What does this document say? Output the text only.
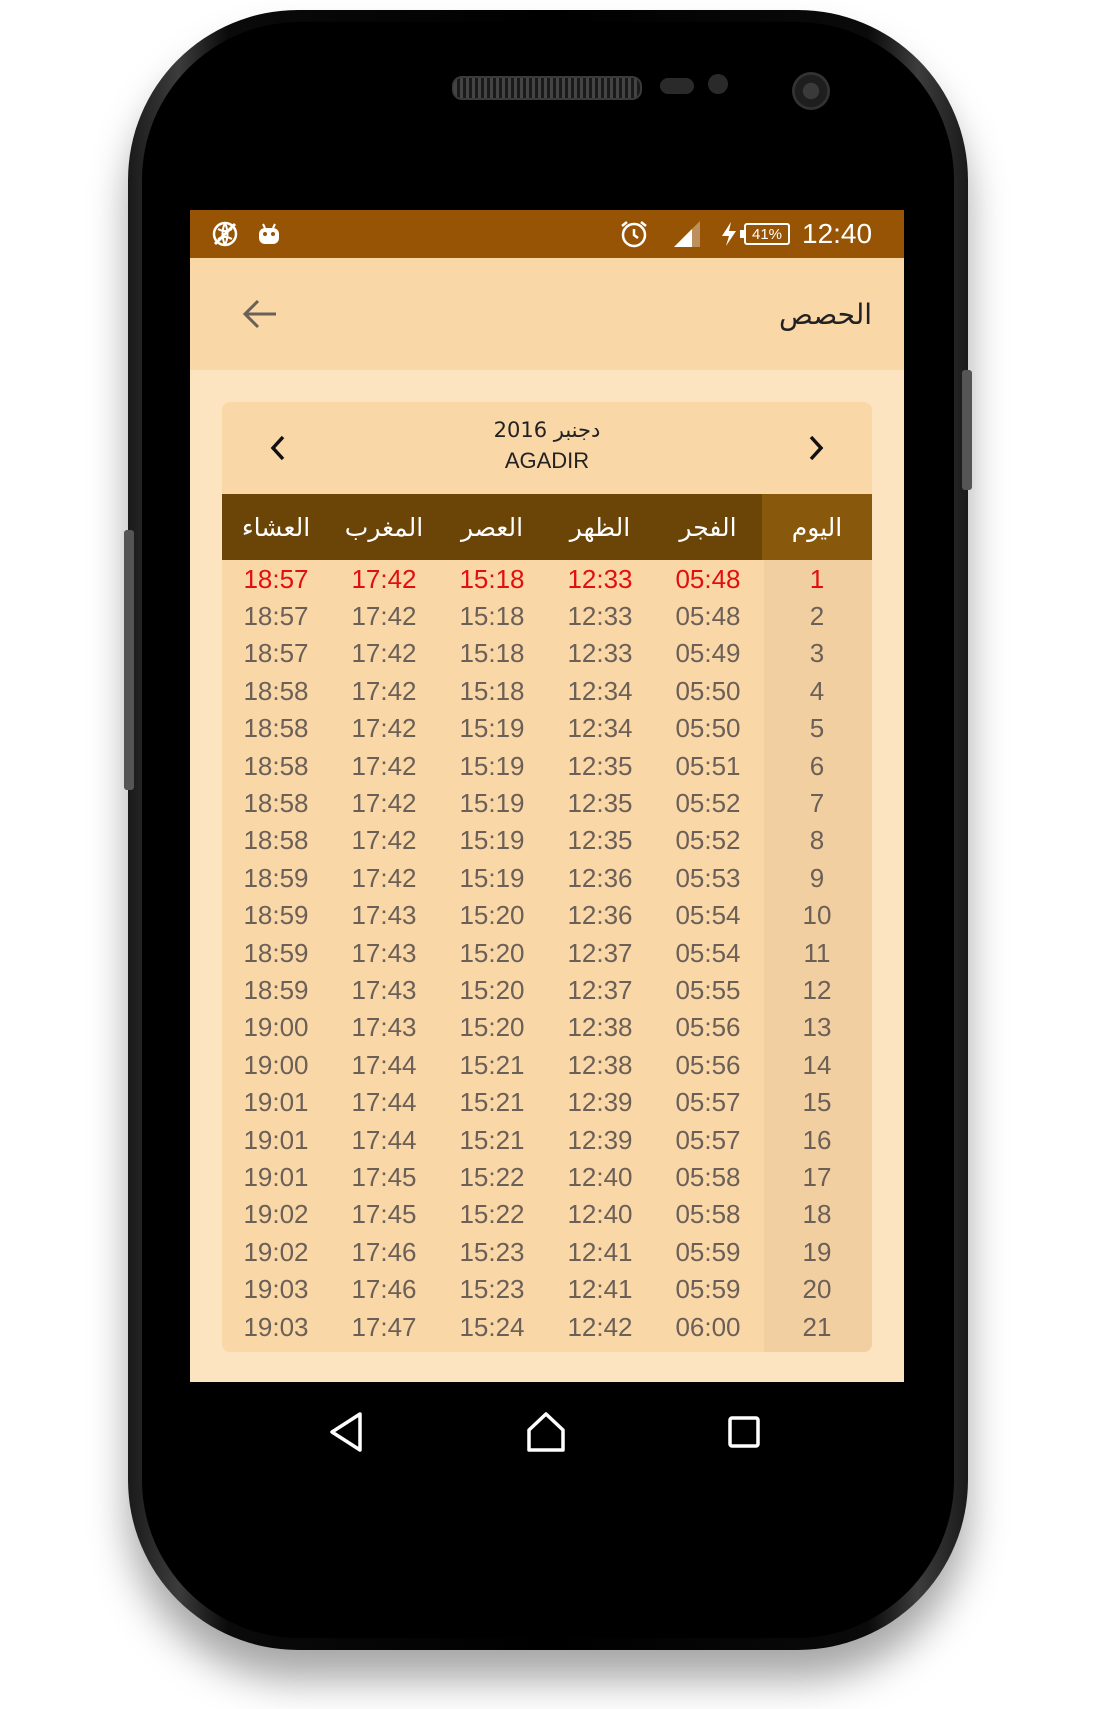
41% 12:40
الحصص
دجنبر 2016
AGADIR
العشاء	المغرب	العصر	الظهر	الفجر	اليوم
18:57	17:42	15:18	12:33	05:48	1
18:57	17:42	15:18	12:33	05:48	2
18:57	17:42	15:18	12:33	05:49	3
18:58	17:42	15:18	12:34	05:50	4
18:58	17:42	15:19	12:34	05:50	5
18:58	17:42	15:19	12:35	05:51	6
18:58	17:42	15:19	12:35	05:52	7
18:58	17:42	15:19	12:35	05:52	8
18:59	17:42	15:19	12:36	05:53	9
18:59	17:43	15:20	12:36	05:54	10
18:59	17:43	15:20	12:37	05:54	11
18:59	17:43	15:20	12:37	05:55	12
19:00	17:43	15:20	12:38	05:56	13
19:00	17:44	15:21	12:38	05:56	14
19:01	17:44	15:21	12:39	05:57	15
19:01	17:44	15:21	12:39	05:57	16
19:01	17:45	15:22	12:40	05:58	17
19:02	17:45	15:22	12:40	05:58	18
19:02	17:46	15:23	12:41	05:59	19
19:03	17:46	15:23	12:41	05:59	20
19:03	17:47	15:24	12:42	06:00	21
